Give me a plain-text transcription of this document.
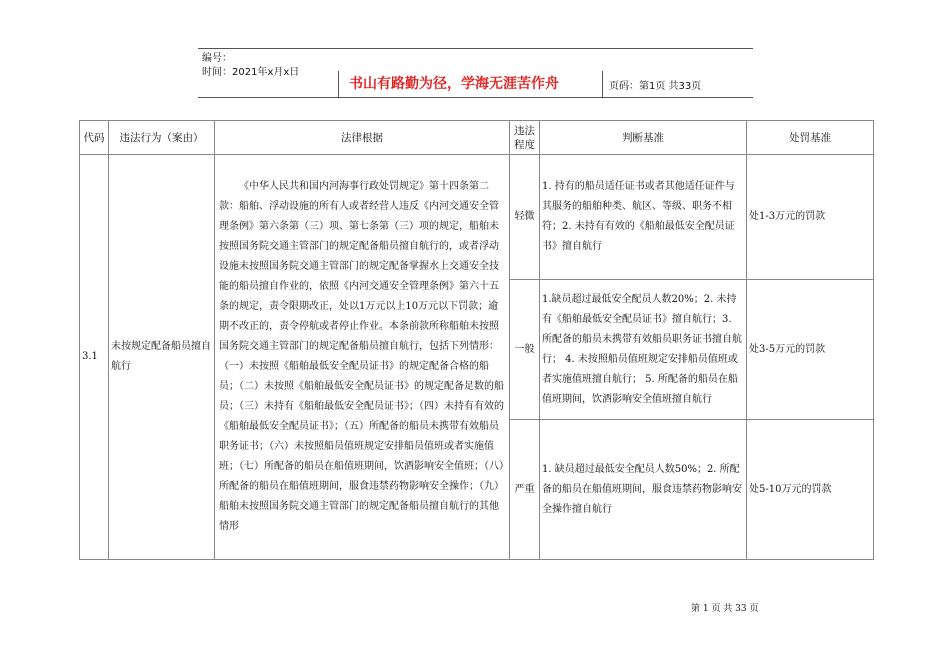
编号：
时间：2021年x月x日
书山有路勤为径，学海无涯苦作舟	页码：第1页 共33页
代码	违法行为（案由）	法律根据	违法程度	判断基准	处罚基准
3.1	未按规定配备船员擅自航行	《中华人民共和国内河海事行政处罚规定》第十四条第二款：船舶、浮动设施的所有人或者经营人违反《内河交通安全管理条例》第六条第（三）项、第七条第（三）项的规定，船舶未按照国务院交通主管部门的规定配备船员擅自航行的，或者浮动设施未按照国务院交通主管部门的规定配备掌握水上交通安全技能的船员擅自作业的，依照《内河交通安全管理条例》第六十五条的规定，责令限期改正，处以1万元以上10万元以下罚款；逾期不改正的，责令停航或者停止作业。本条前款所称船舶未按照国务院交通主管部门的规定配备船员擅自航行，包括下列情形：（一）未按照《船舶最低安全配员证书》的规定配备合格的船员；（二）未按照《船舶最低安全配员证书》的规定配备足数的船员；（三）未持有《船舶最低安全配员证书》；（四）未持有有效的《船舶最低安全配员证书》；（五）所配备的船员未携带有效船员职务证书；（六）未按照船员值班规定安排船员值班或者实施值班；（七）所配备的船员在船值班期间，饮酒影响安全值班；（八）所配备的船员在船值班期间，服食违禁药物影响安全操作；（九）船舶未按照国务院交通主管部门的规定配备船员擅自航行的其他情形	轻微	1. 持有的船员适任证书或者其他适任证件与其服务的船舶种类、航区、等级、职务不相符；2. 未持有有效的《船舶最低安全配员证书》擅自航行	处1-3万元的罚款
			一般	1.缺员超过最低安全配员人数20%；2. 未持有《船舶最低安全配员证书》擅自航行；3. 所配备的船员未携带有效船员职务证书擅自航行； 4. 未按照船员值班规定安排船员值班或者实施值班擅自航行； 5. 所配备的船员在船值班期间，饮酒影响安全值班擅自航行	处3-5万元的罚款
			严重	1. 缺员超过最低安全配员人数50%；2. 所配备的船员在船值班期间，服食违禁药物影响安全操作擅自航行	处5-10万元的罚款
第 1 页 共 33 页
